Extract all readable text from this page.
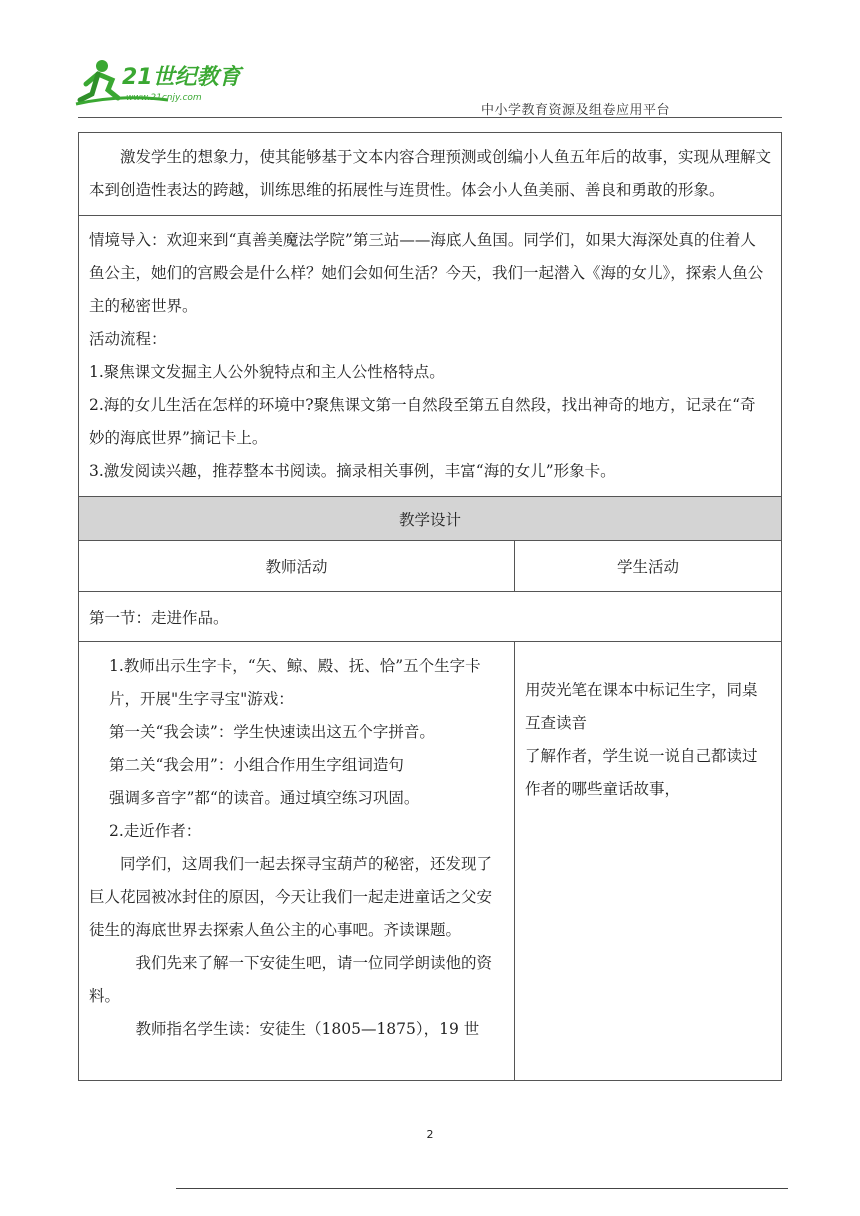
21世纪教育
www.21cnjy.com
中小学教育资源及组卷应用平台
激发学生的想象力，使其能够基于文本内容合理预测或创编小人鱼五年后的故事，实现从理解文本到创造性表达的跨越，训练思维的拓展性与连贯性。体会小人鱼美丽、善良和勇敢的形象。

情境导入：欢迎来到“真善美魔法学院”第三站——海底人鱼国。同学们，如果大海深处真的住着人鱼公主，她们的宫殿会是什么样？她们会如何生活？今天，我们一起潜入《海的女儿》，探索人鱼公主的秘密世界。

活动流程：

1.聚焦课文发掘主人公外貌特点和主人公性格特点。

2.海的女儿生活在怎样的环境中?聚焦课文第一自然段至第五自然段，找出神奇的地方，记录在“奇妙的海底世界”摘记卡上。

3.激发阅读兴趣，推荐整本书阅读。摘录相关事例，丰富“海的女儿”形象卡。

教学设计
教师活动	学生活动
第一节：走进作品。

1.教师出示生字卡，“矢、鲸、殿、抚、恰”五个生字卡片，开展"生字寻宝"游戏：

第一关“我会读”：学生快速读出这五个字拼音。

第二关“我会用”：小组合作用生字组词造句

强调多音字”都“的读音。通过填空练习巩固。

2.走近作者：

同学们，这周我们一起去探寻宝葫芦的秘密，还发现了巨人花园被冰封住的原因，今天让我们一起走进童话之父安徒生的海底世界去探索人鱼公主的心事吧。齐读课题。

我们先来了解一下安徒生吧，请一位同学朗读他的资料。

教师指名学生读：安徒生（1805—1875），19 世

用荧光笔在课本中标记生字，同桌互查读音

了解作者，学生说一说自己都读过作者的哪些童话故事，

2
